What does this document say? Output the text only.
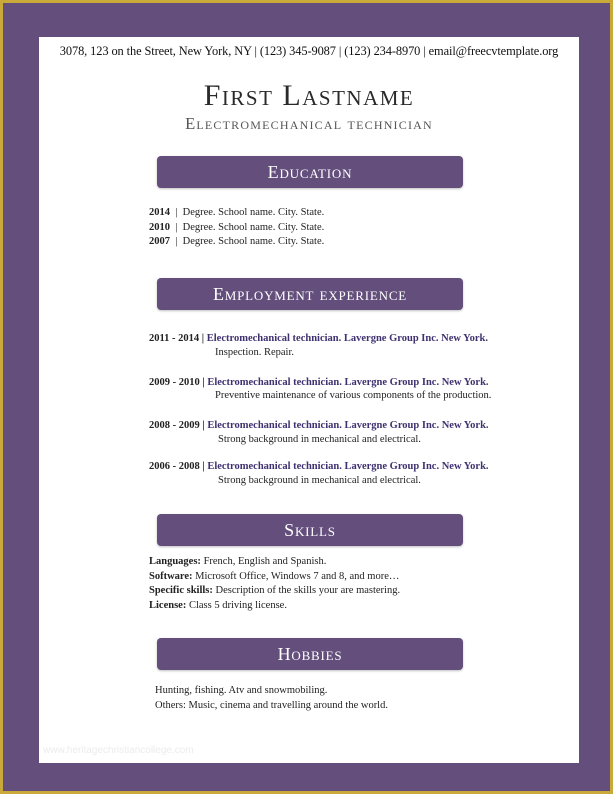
3078, 123 on the Street, New York, NY | (123) 345-9087 | (123) 234-8970 | email@freecvtemplate.org
First Lastname
Electromechanical technician
Education
2014 | Degree. School name. City. State.
2010 | Degree. School name. City. State.
2007 | Degree. School name. City. State.
Employment experience
2011 - 2014 | Electromechanical technician. Lavergne Group Inc. New York.
Inspection. Repair.
2009 - 2010 | Electromechanical technician. Lavergne Group Inc. New York.
Preventive maintenance of various components of the production.
2008 - 2009 | Electromechanical technician. Lavergne Group Inc. New York.
Strong background in mechanical and electrical.
2006 - 2008 | Electromechanical technician. Lavergne Group Inc. New York.
Strong background in mechanical and electrical.
Skills
Languages: French, English and Spanish.
Software: Microsoft Office, Windows 7 and 8, and more…
Specific skills: Description of the skills your are mastering.
License: Class 5 driving license.
Hobbies
Hunting, fishing. Atv and snowmobiling.
Others: Music, cinema and travelling around the world.
www.heritagechristiancollege.com
